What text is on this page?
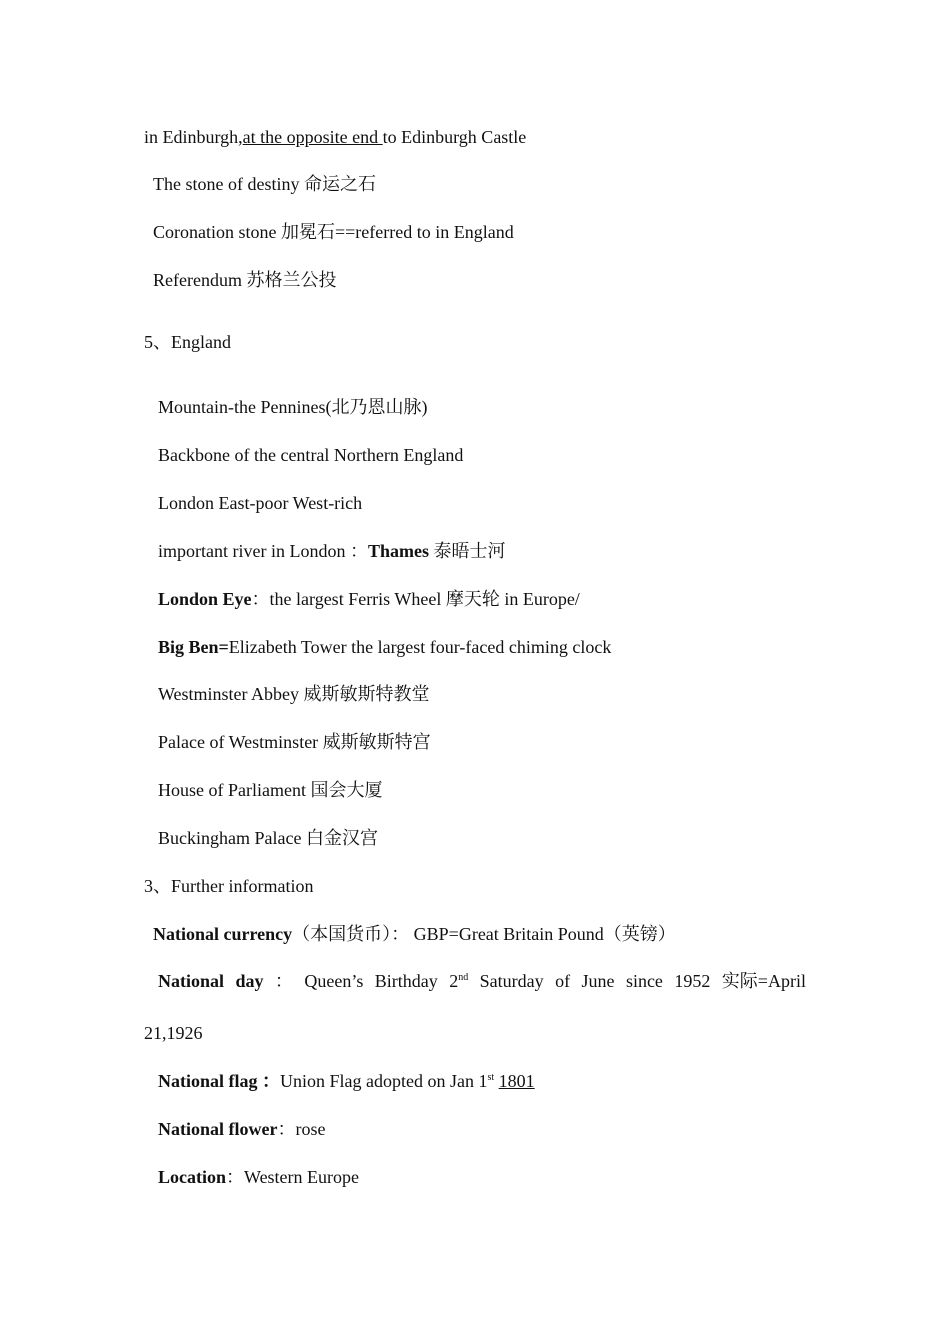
in Edinburgh,at the opposite end to Edinburgh Castle
The stone of destiny 命运之石
Coronation stone 加冕石==referred to in England
Referendum 苏格兰公投
5、England
Mountain-the Pennines(北乃恩山脉)
Backbone of the central Northern England
London East-poor West-rich
important river in London ：Thames 泰晤士河
London Eye：the largest Ferris Wheel 摩天轮 in Europe/
Big Ben=Elizabeth Tower the largest four-faced chiming clock
Westminster Abbey 威斯敏斯特教堂
Palace of Westminster 威斯敏斯特宫
House of Parliament 国会大厦
Buckingham Palace 白金汉宫
3、Further information
National currency（本国货币）： GBP=Great Britain Pound（英镑）
National day ： Queen’s Birthday 2nd Saturday of June since 1952 实际=April
21,1926
National flag ：Union Flag adopted on Jan 1st 1801
National flower：rose
Location：Western Europe
